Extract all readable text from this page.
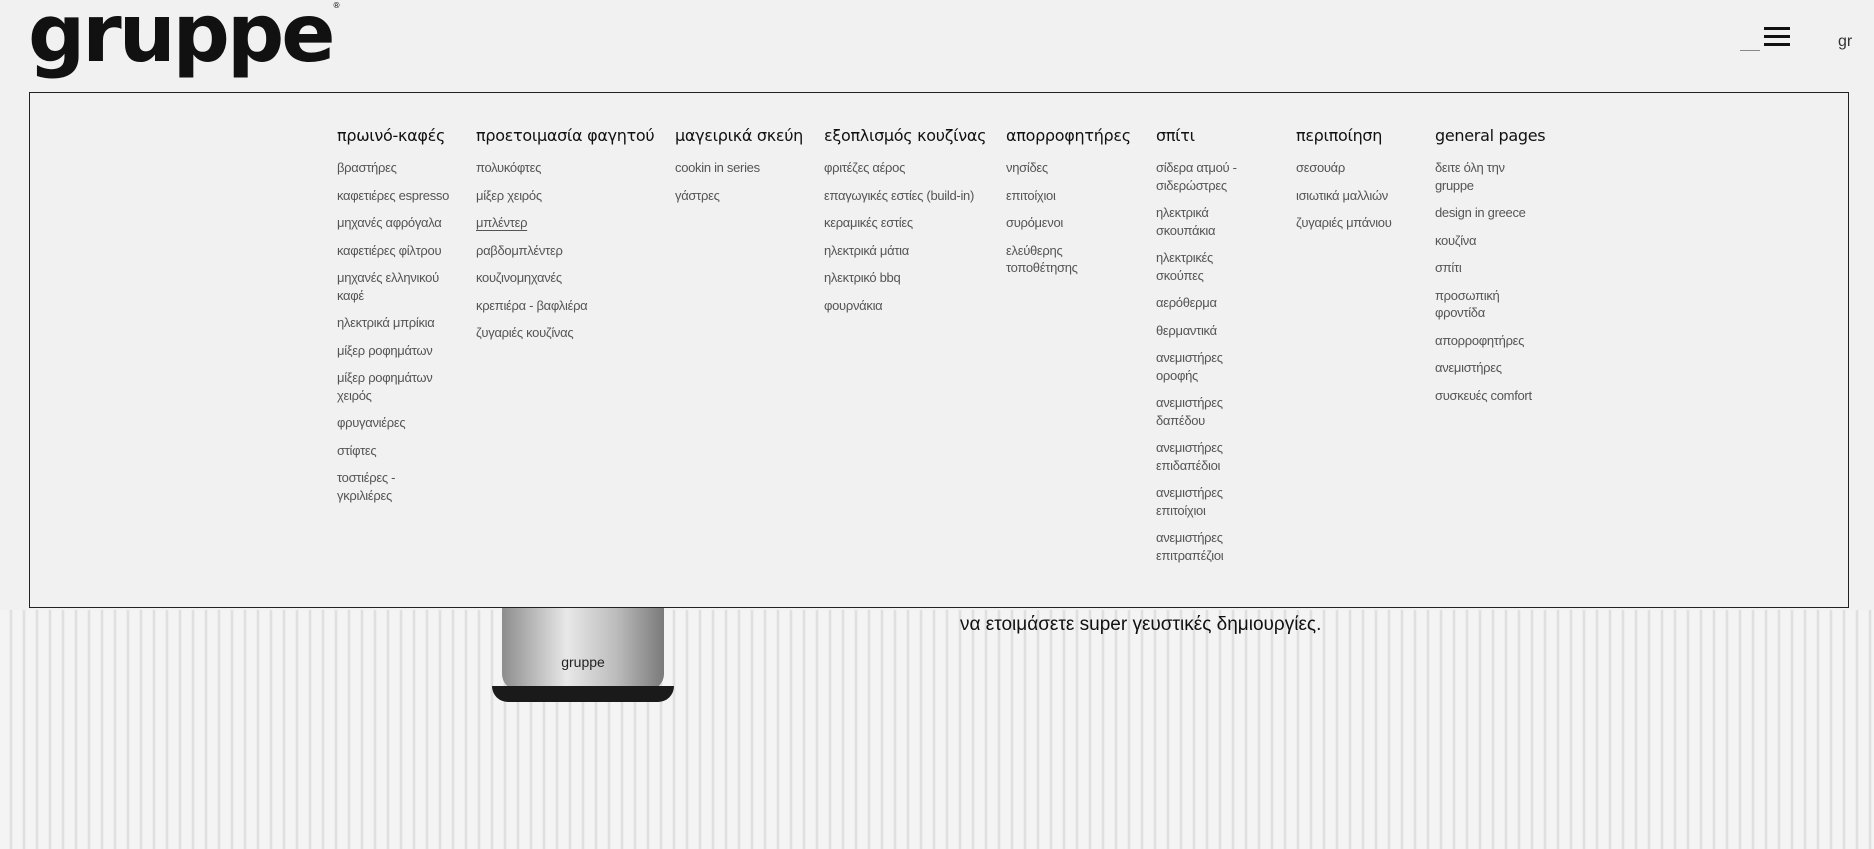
gruppe
να ετοιμάσετε super γευστικές δημιουργίες.
gruppe®
gr
πρωινό-καφές
βραστήρες
καφετιέρες espresso
μηχανές αφρόγαλα
καφετιέρες φίλτρου
μηχανές ελληνικού καφέ
ηλεκτρικά μπρίκια
μίξερ ροφημάτων
μίξερ ροφημάτων χειρός
φρυγανιέρες
στίφτες
τοστιέρες - γκριλιέρες
προετοιμασία φαγητού
πολυκόφτες
μίξερ χειρός
μπλέντερ
ραβδομπλέντερ
κουζινομηχανές
κρεπιέρα - βαφλιέρα
ζυγαριές κουζίνας
μαγειρικά σκεύη
cookin in series
γάστρες
εξοπλισμός κουζίνας
φριτέζες αέρος
επαγωγικές εστίες (build-in)
κεραμικές εστίες
ηλεκτρικά μάτια
ηλεκτρικό bbq
φουρνάκια
απορροφητήρες
νησίδες
επιτοίχιοι
συρόμενοι
ελεύθερης τοποθέτησης
σπίτι
σίδερα ατμού - σιδερώστρες
ηλεκτρικά σκουπάκια
ηλεκτρικές σκούπες
αερόθερμα
θερμαντικά
ανεμιστήρες οροφής
ανεμιστήρες δαπέδου
ανεμιστήρες επιδαπέδιοι
ανεμιστήρες επιτοίχιοι
ανεμιστήρες επιτραπέζιοι
περιποίηση
σεσουάρ
ισιωτικά μαλλιών
ζυγαριές μπάνιου
general pages
δειτε όλη την gruppe
design in greece
κουζίνα
σπίτι
προσωπική φροντίδα
απορροφητήρες
ανεμιστήρες
συσκευές comfort
